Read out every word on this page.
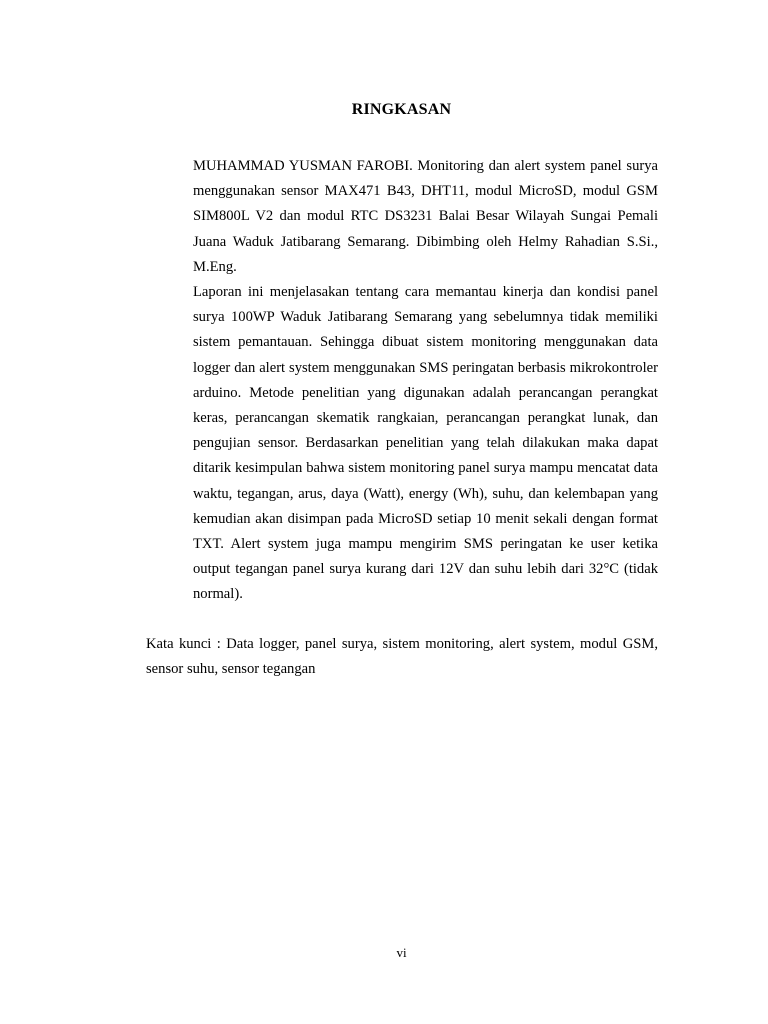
RINGKASAN

MUHAMMAD YUSMAN FAROBI. Monitoring dan alert system panel surya menggunakan sensor MAX471 B43, DHT11, modul MicroSD, modul GSM SIM800L V2 dan modul RTC DS3231 Balai Besar Wilayah Sungai Pemali Juana Waduk Jatibarang Semarang. Dibimbing oleh Helmy Rahadian S.Si., M.Eng.

Laporan ini menjelasakan tentang cara memantau kinerja dan kondisi panel surya 100WP Waduk Jatibarang Semarang yang sebelumnya tidak memiliki sistem pemantauan. Sehingga dibuat sistem monitoring menggunakan data logger dan alert system menggunakan SMS peringatan berbasis mikrokontroler arduino. Metode penelitian yang digunakan adalah perancangan perangkat keras, perancangan skematik rangkaian, perancangan perangkat lunak, dan pengujian sensor. Berdasarkan penelitian yang telah dilakukan maka dapat ditarik kesimpulan bahwa sistem monitoring panel surya mampu mencatat data waktu, tegangan, arus, daya (Watt), energy (Wh), suhu, dan kelembapan yang kemudian akan disimpan pada MicroSD setiap 10 menit sekali dengan format TXT. Alert system juga mampu mengirim SMS peringatan ke user ketika output tegangan panel surya kurang dari 12V dan suhu lebih dari 32°C (tidak normal).

Kata kunci : Data logger, panel surya, sistem monitoring, alert system, modul GSM, sensor suhu, sensor tegangan

vi
